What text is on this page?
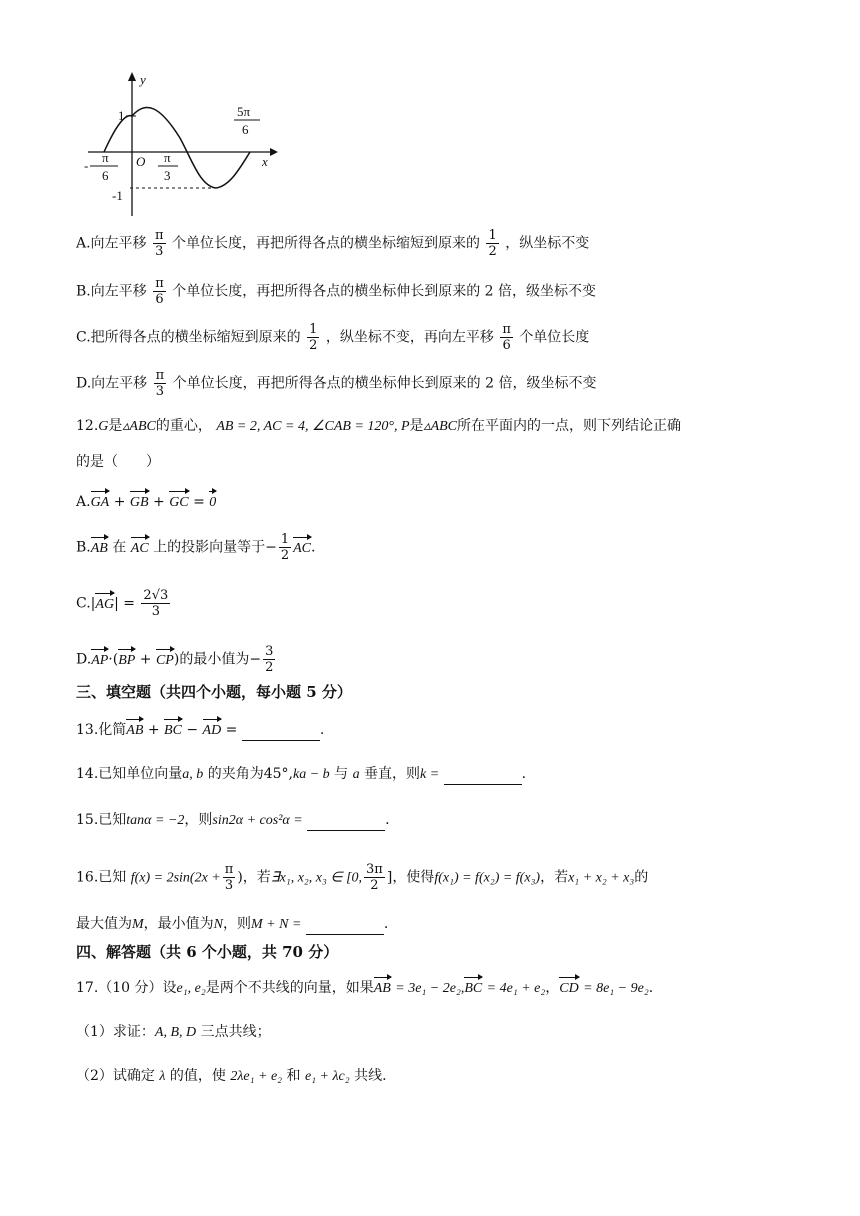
y
x
O
1
-1
π
6
-
π
3
5π
6
A.向左平移 $\frac{\pi}{3}$ 个单位长度，再把所得各点的横坐标缩短到原来的 $\frac{1}{2}$ ，纵坐标不变
B.向左平移 $\frac{\pi}{6}$ 个单位长度，再把所得各点的横坐标伸长到原来的 2 倍，级坐标不变
C.把所得各点的横坐标缩短到原来的 $\frac{1}{2}$ ，纵坐标不变，再向左平移 $\frac{\pi}{6}$ 个单位长度
D.向左平移 $\frac{\pi}{3}$ 个单位长度，再把所得各点的横坐标伸长到原来的 2 倍，级坐标不变
12.G是▵ABC的重心， AB = 2, AC = 4, ∠CAB = 120°, P是▵ABC所在平面内的一点，则下列结论正确
的是（　　）
A.GA + GB + GC = 0
B.AB 在 AC 上的投影向量等于− $\frac{1}{2}$ AC.
$C.|AG| = \frac{2√3}{3}$
D.AP·(BP + CP)的最小值为− $\frac{3}{2}$
三、填空题（共四个小题，每小题 5 分）
13.化简AB + BC − AD =	.
14.已知单位向量a, b 的夹角为45°,ka − b 与 a 垂直，则k =	.
15.已知tanα = −2，则sin2α + cos²α =	.
16.已知 $f(x) = 2\sin(2x + \frac{\pi}{3}$ )，若∃x₁, x₂, x₃ ∈ [0, $\frac{3\pi}{2}$ ]，使得f(x₁) = f(x₂) = f(x₃)，若x₁ + x₂ + x₃的
最大值为M，最小值为N，则M + N =	.
四、解答题（共 6 个小题，共 70 分）
17.（10 分）设e₁, e₂是两个不共线的向量，如果AB = 3e₁ − 2e₂,BC = 4e₁ + e₂，CD = 8e₁ − 9e₂.
（1）求证：A, B, D 三点共线；
（2）试确定 λ 的值，使 2λe₁ + e₂ 和 e₁ + λc₂ 共线.
